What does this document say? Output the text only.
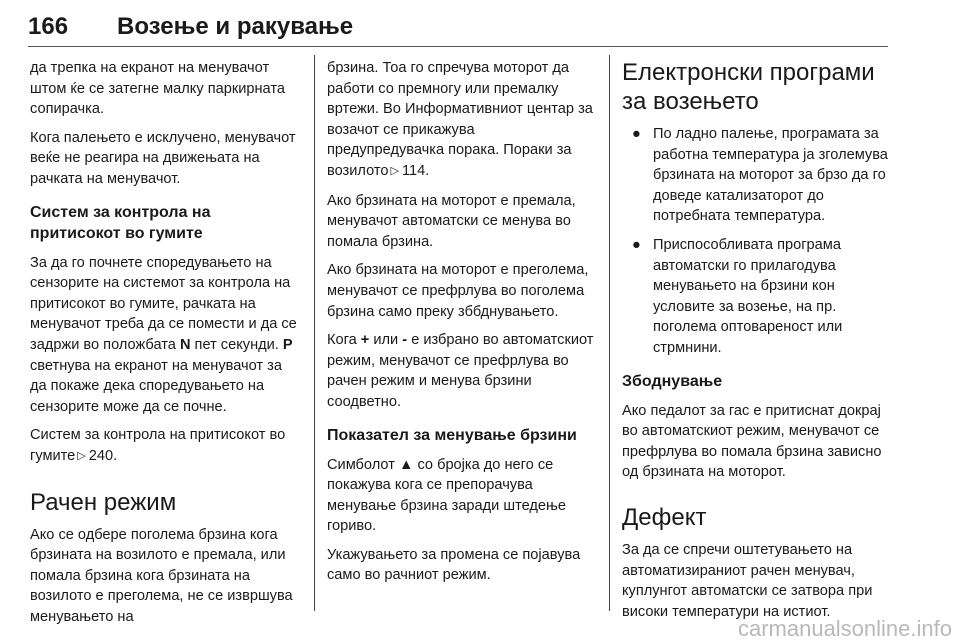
166 Возење и ракување

да трепка на екранот на менувачот штом ќе се затегне малку паркирната сопирачка.

Кога палењето е исклучено, менувачот веќе не реагира на движењата на рачката на менувачот.

Систем за контрола на притисокот во гумите

За да го почнете споредувањето на сензорите на системот за контрола на притисокот во гумите, рачката на менувачот треба да се помести и да се задржи во положбата N пет секунди. P светнува на екранот на менувачот за да покаже дека споредувањето на сензорите може да се почне.

Систем за контрола на притисокот во гумите ▷ 240.

Рачен режим

Ако се одбере поголема брзина кога брзината на возилото е премала, или помала брзина кога брзината на возилото е преголема, не се извршува менувањето на

брзина. Тоа го спречува моторот да работи со премногу или премалку вртежи. Во Информативниот центар за возачот се прикажува предупредувачка порака. Пораки за возилото ▷ 114.

Ако брзината на моторот е премала, менувачот автоматски се менува во помала брзина.

Ако брзината на моторот е преголема, менувачот се префрлува во поголема брзина само преку зббднувањето.

Кога + или - е избрано во автоматскиот режим, менувачот се префрлува во рачен режим и менува брзини соодветно.

Показател за менување брзини

Симболот ▲ со бројка до него се покажува кога се препорачува менување брзина заради штедење гориво.

Укажувањето за промена се појавува само во рачниот режим.

Електронски програми за возењето
● По ладно палење, програмата за работна температура ја зголемува брзината на моторот за брзо да го доведе катализаторот до потребната температура.
● Приспособливата програма автоматски го прилагодува менувањето на брзини кон условите за возење, на пр. поголема оптовареност или стрмнини.
Збоднување

Ако педалот за гас е притиснат докрај во автоматскиот режим, менувачот се префрлува во помала брзина зависно од брзината на моторот.

Дефект

За да се спречи оштетувањето на автоматизираниот рачен менувач, куплунгот автоматски се затвора при високи температури на истиот.

carmanualsonline.info
